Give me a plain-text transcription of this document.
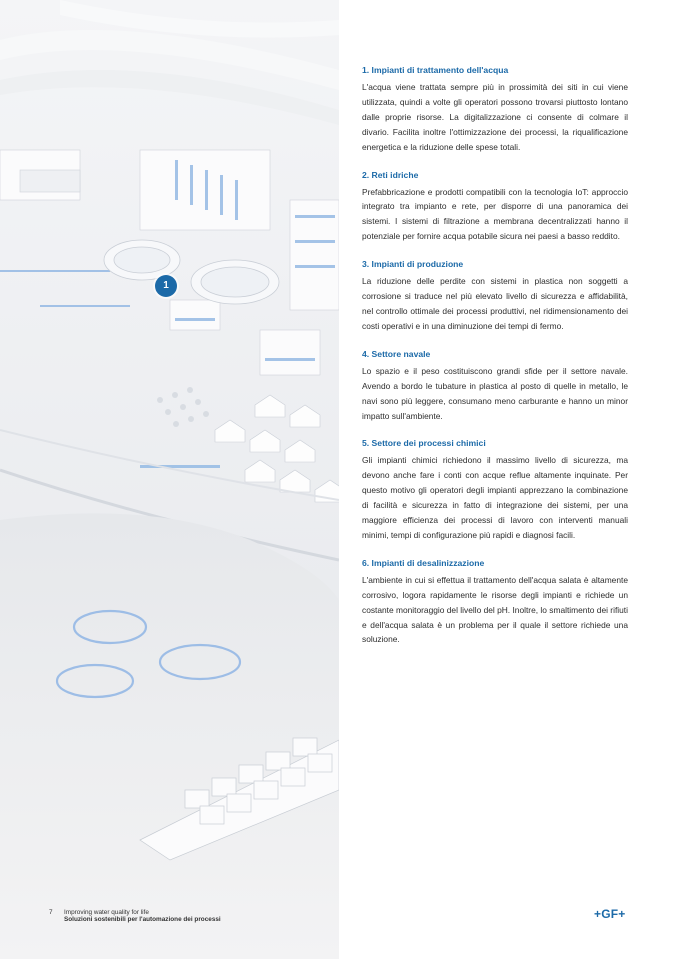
1
1. Impianti di trattamento dell'acqua

L'acqua viene trattata sempre più in prossimità dei siti in cui viene utilizzata, quindi a volte gli operatori possono trovarsi piuttosto lontano dalle proprie risorse. La digitalizzazione ci consente di colmare il divario. Facilita inoltre l'ottimizzazione dei processi, la riqualificazione energetica e la riduzione delle spese totali.

2. Reti idriche

Prefabbricazione e prodotti compatibili con la tecnologia IoT: approccio integrato tra impianto e rete, per disporre di una panoramica dei sistemi. I sistemi di filtrazione a membrana decentralizzati hanno il potenziale per fornire acqua potabile sicura nei paesi a basso reddito.

3. Impianti di produzione

La riduzione delle perdite con sistemi in plastica non soggetti a corrosione si traduce nel più elevato livello di sicurezza e affidabilità, nel controllo ottimale dei processi produttivi, nel ridimensionamento dei costi operativi e in una diminuzione dei tempi di fermo.

4. Settore navale

Lo spazio e il peso costituiscono grandi sfide per il settore navale. Avendo a bordo le tubature in plastica al posto di quelle in metallo, le navi sono più leggere, consumano meno carburante e hanno un minor impatto sull'ambiente.

5. Settore dei processi chimici

Gli impianti chimici richiedono il massimo livello di sicurezza, ma devono anche fare i conti con acque reflue altamente inquinate. Per questo motivo gli operatori degli impianti apprezzano la combinazione di facilità e sicurezza in fatto di integrazione dei sistemi, per una maggiore efficienza dei processi di lavoro con interventi manuali minimi, tempi di configurazione più rapidi e diagnosi facili.

6. Impianti di desalinizzazione

L'ambiente in cui si effettua il trattamento dell'acqua salata è altamente corrosivo, logora rapidamente le risorse degli impianti e richiede un costante monitoraggio del livello del pH. Inoltre, lo smaltimento dei rifiuti e dell'acqua salata è un problema per il quale il settore richiede una soluzione.

7 Improving water quality for life
Soluzioni sostenibili per l'automazione dei processi	+GF+
